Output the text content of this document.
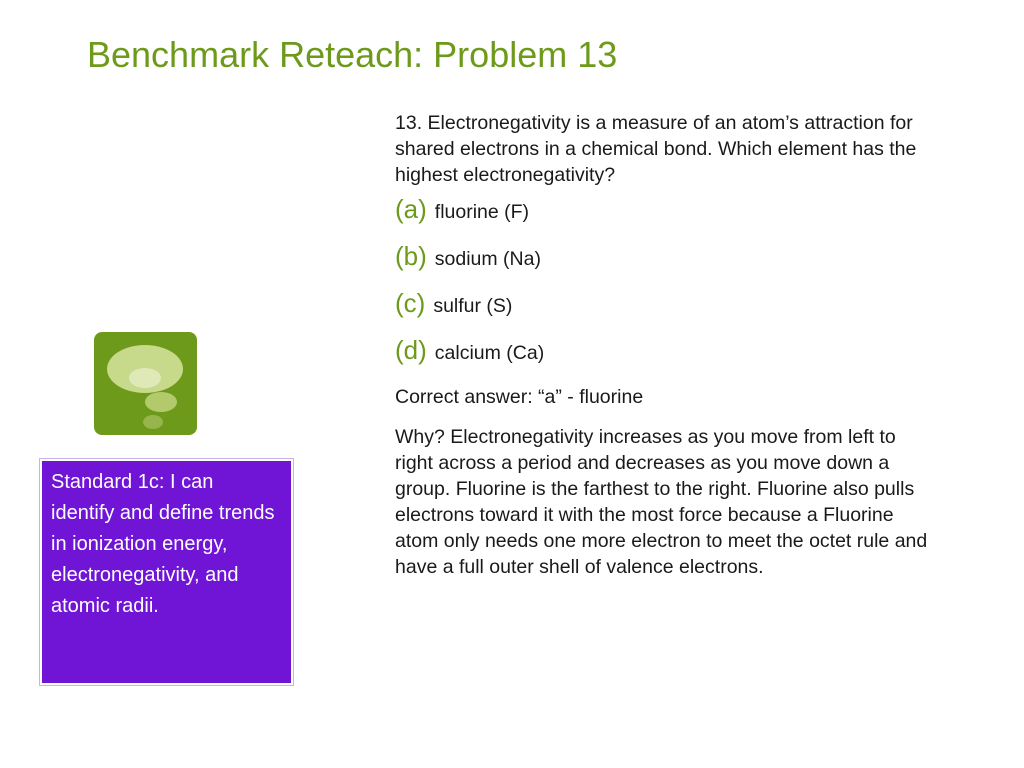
Benchmark Reteach: Problem 13

13. Electronegativity is a measure of an atom’s attraction for shared electrons in a chemical bond. Which element has the highest electronegativity?

(a) fluorine (F)
(b) sodium (Na)
(c) sulfur (S)
(d) calcium (Ca)

Correct answer: “a” - fluorine

Why? Electronegativity increases as you move from left to right across a period and decreases as you move down a group. Fluorine is the farthest to the right. Fluorine also pulls electrons toward it with the most force because a Fluorine atom only needs one more electron to meet the octet rule and have a full outer shell of valence electrons.

Standard 1c: I can identify and define trends in ionization energy, electronegativity, and atomic radii.
